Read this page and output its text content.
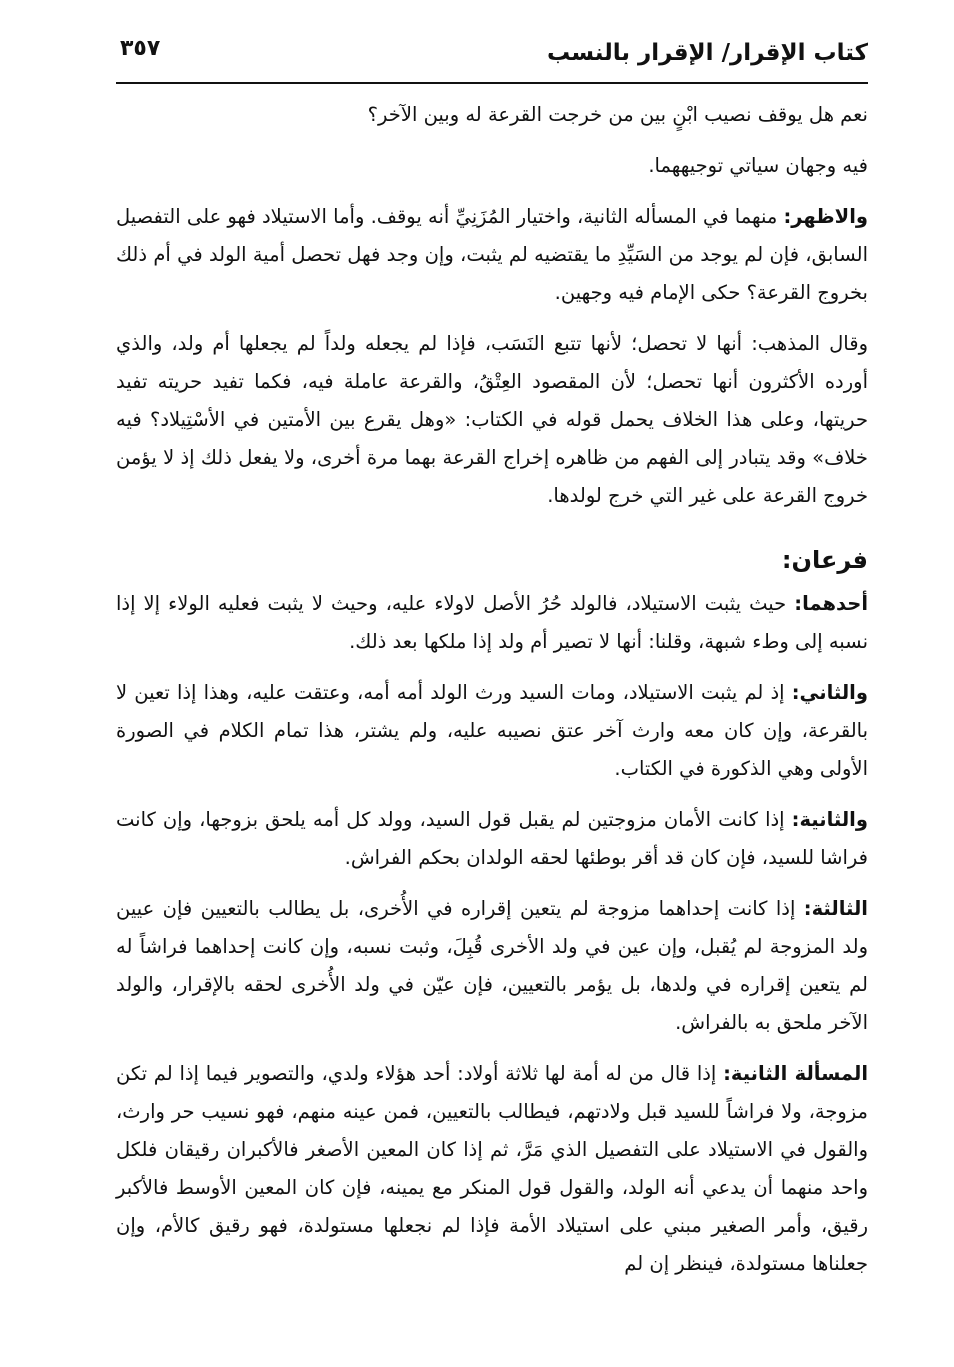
٣٥٧	كتاب الإقرار/ الإقرار بالنسب

نعم هل يوقف نصيب ابْنٍ بين من خرجت القرعة له وبين الآخر؟

فيه وجهان سياتي توجيههما.

والاظهر: منهما في المسأله الثانية، واختيار المُزَنِيِّ أنه يوقف. وأما الاستيلاد فهو على التفصيل السابق، فإن لم يوجد من السَيِّدِ ما يقتضيه لم يثبت، وإن وجد فهل تحصل أمية الولد في أم ذلك بخروج القرعة؟ حكى الإمام فيه وجهين.

وقال المذهب: أنها لا تحصل؛ لأنها تتبع النَسَب، فإذا لم يجعله ولداً لم يجعلها أم ولد، والذي أورده الأكثرون أنها تحصل؛ لأن المقصود العِتْقُ، والقرعة عاملة فيه، فكما تفيد حريته تفيد حريتها، وعلى هذا الخلاف يحمل قوله في الكتاب: «وهل يقرع بين الأمتين في الأسْتِيلاد؟ فيه خلاف» وقد يتبادر إلى الفهم من ظاهره إخراج القرعة بهما مرة أخرى، ولا يفعل ذلك إذ لا يؤمن خروج القرعة على غير التي خرج لولدها.

فرعان:

أحدهما: حيث يثبت الاستيلاد، فالولد حُرُ الأصل لاولاء عليه، وحيث لا يثبت فعليه الولاء إلا إذا نسبه إلى وطء شبهة، وقلنا: أنها لا تصير أم ولد إذا ملكها بعد ذلك.

والثاني: إذ لم يثبت الاستيلاد، ومات السيد ورث الولد أمه أمه، وعتقت عليه، وهذا إذا تعين لا بالقرعة، وإن كان معه وارث آخر عتق نصيبه عليه، ولم يشتر، هذا تمام الكلام في الصورة الأولى وهي الذكورة في الكتاب.

والثانية: إذا كانت الأمان مزوجتين لم يقبل قول السيد، وولد كل أمه يلحق بزوجها، وإن كانت فراشا للسيد، فإن كان قد أقر بوطئها لحقه الولدان بحكم الفراش.

الثالثة: إذا كانت إحداهما مزوجة لم يتعين إقراره في الأُخرى، بل يطالب بالتعيين فإن عيين ولد المزوجة لم يُقبل، وإن عين في ولد الأخرى قُبِلَ، وثبت نسبه، وإن كانت إحداهما فراشاً له لم يتعين إقراره في ولدها، بل يؤمر بالتعيين، فإن عيّن في ولد الأُخرى لحقه بالإقرار، والولد الآخر ملحق به بالفراش.

المسألة الثانية: إذا قال من له أمة لها ثلاثة أولاد: أحد هؤلاء ولدي، والتصوير فيما إذا لم تكن مزوجة، ولا فراشاً للسيد قبل ولادتهم، فيطالب بالتعيين، فمن عينه منهم، فهو نسيب حر وارث، والقول في الاستيلاد على التفصيل الذي مَرَّ، ثم إذا كان المعين الأصغر فالأكبران رقيقان فلكل واحد منهما أن يدعي أنه الولد، والقول قول المنكر مع يمينه، فإن كان المعين الأوسط فالأكبر رقيق، وأمر الصغير مبني على استيلاد الأمة فإذا لم نجعلها مستولدة، فهو رقيق كالأم، وإن جعلناها مستولدة، فينظر إن لم
